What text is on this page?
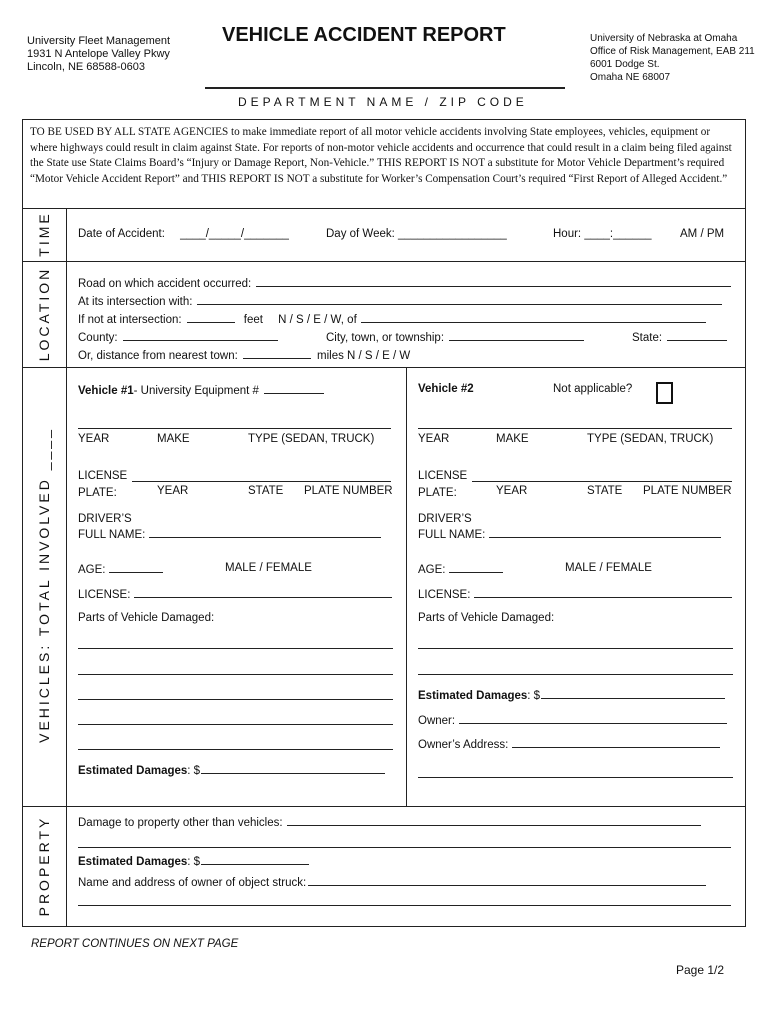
University Fleet Management
1931 N Antelope Valley Pkwy
Lincoln, NE 68588-0603
VEHICLE ACCIDENT REPORT	University of Nebraska at Omaha
Office of Risk Management, EAB 211
6001 Dodge St.
Omaha NE 68007
DEPARTMENT NAME / ZIP CODE
TO BE USED BY ALL STATE AGENCIES to make immediate report of all motor vehicle accidents involving State employees, vehicles, equipment or where highways could result in claim against State. For reports of non-motor vehicle accidents and occurrence that could result in a claim being filed against the State use State Claims Board’s “Injury or Damage Report, Non-Vehicle.” THIS REPORT IS NOT a substitute for Motor Vehicle Department’s required “Motor Vehicle Accident Report” and THIS REPORT IS NOT a substitute for Worker’s Compensation Court’s required “First Report of Alleged Accident.”
TIME
LOCATION
VEHICLES: TOTAL INVOLVED ____
PROPERTY
Date of Accident: ____/_____/_______	Day of Week: _________________	Hour: ____:______ AM / PM
Road on which accident occurred:
At its intersection with:
If not at intersection:	feet N / S / E / W, of
County:	City, town, or township:	State:
Or, distance from nearest town:	miles N / S / E / W
Vehicle #1- University Equipment #
YEAR	MAKE	TYPE (SEDAN, TRUCK)
LICENSE
PLATE:	YEAR	STATE PLATE NUMBER
DRIVER’S
FULL NAME:
AGE:	MALE / FEMALE
LICENSE:
Parts of Vehicle Damaged:
Estimated Damages: $
Vehicle #2	Not applicable?
YEAR	MAKE	TYPE (SEDAN, TRUCK)
LICENSE
PLATE:	YEAR	STATE PLATE NUMBER
DRIVER’S
FULL NAME:
AGE:	MALE / FEMALE
LICENSE:
Parts of Vehicle Damaged:
Estimated Damages: $
Owner:
Owner’s Address:
Damage to property other than vehicles:
Estimated Damages: $
Name and address of owner of object struck:
REPORT CONTINUES ON NEXT PAGE
Page 1/2
